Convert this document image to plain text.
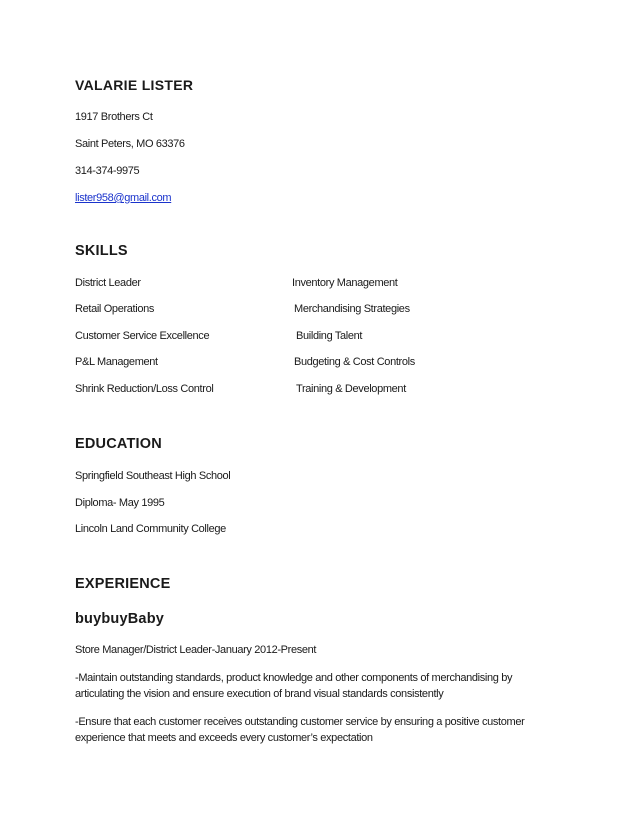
VALARIE LISTER
1917 Brothers Ct
Saint Peters, MO 63376
314-374-9975
lister958@gmail.com
SKILLS
District Leader
Retail Operations
Customer Service Excellence
P&L Management
Shrink Reduction/Loss Control
Inventory Management
Merchandising Strategies
Building Talent
Budgeting & Cost Controls
Training & Development
EDUCATION
Springfield Southeast High School
Diploma- May 1995
Lincoln Land Community College
EXPERIENCE
buybuyBaby
Store Manager/District Leader-January 2012-Present
-Maintain outstanding standards, product knowledge and other components of merchandising by articulating the vision and ensure execution of brand visual standards consistently
-Ensure that each customer receives outstanding customer service by ensuring a positive customer experience that meets and exceeds every customer’s expectation
